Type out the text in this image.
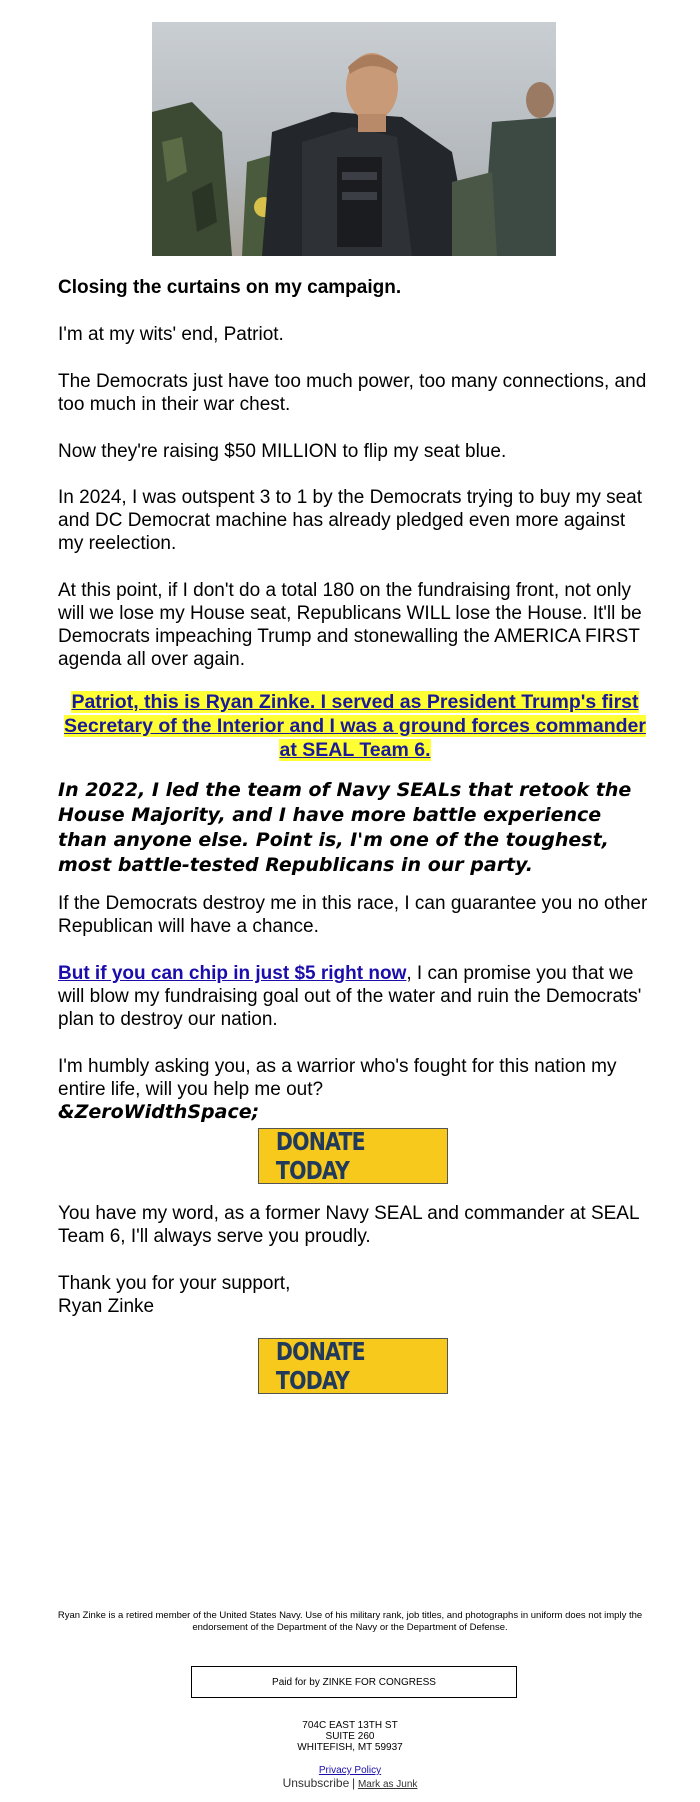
Closing the curtains on my campaign.

I'm at my wits' end, Patriot.

The Democrats just have too much power, too many connections, and too much in their war chest.

Now they're raising $50 MILLION to flip my seat blue.

In 2024, I was outspent 3 to 1 by the Democrats trying to buy my seat and DC Democrat machine has already pledged even more against my reelection.

At this point, if I don't do a total 180 on the fundraising front, not only will we lose my House seat, Republicans WILL lose the House. It'll be Democrats impeaching Trump and stonewalling the AMERICA FIRST agenda all over again.

Patriot, this is Ryan Zinke. I served as President Trump's first Secretary of the Interior and I was a ground forces commander at SEAL Team 6.

In 2022, I led the team of Navy SEALs that retook the House Majority, and I have more battle experience than anyone else. Point is, I'm one of the toughest, most battle-tested Republicans in our party.

If the Democrats destroy me in this race, I can guarantee you no other Republican will have a chance.

But if you can chip in just $5 right now, I can promise you that we will blow my fundraising goal out of the water and ruin the Democrats' plan to destroy our nation.

I'm humbly asking you, as a warrior who's fought for this nation my entire life, will you help me out?

&ZeroWidthSpace;

DONATE TODAY

You have my word, as a former Navy SEAL and commander at SEAL Team 6, I'll always serve you proudly.

Thank you for your support,

Ryan Zinke

DONATE TODAY

Ryan Zinke is a retired member of the United States Navy. Use of his military rank, job titles, and photographs in uniform does not imply the endorsement of the Department of the Navy or the Department of Defense.

Paid for by ZINKE FOR CONGRESS
704C EAST 13TH ST
SUITE 260
WHITEFISH, MT 59937
Privacy Policy
Unsubscribe | Mark as Junk
